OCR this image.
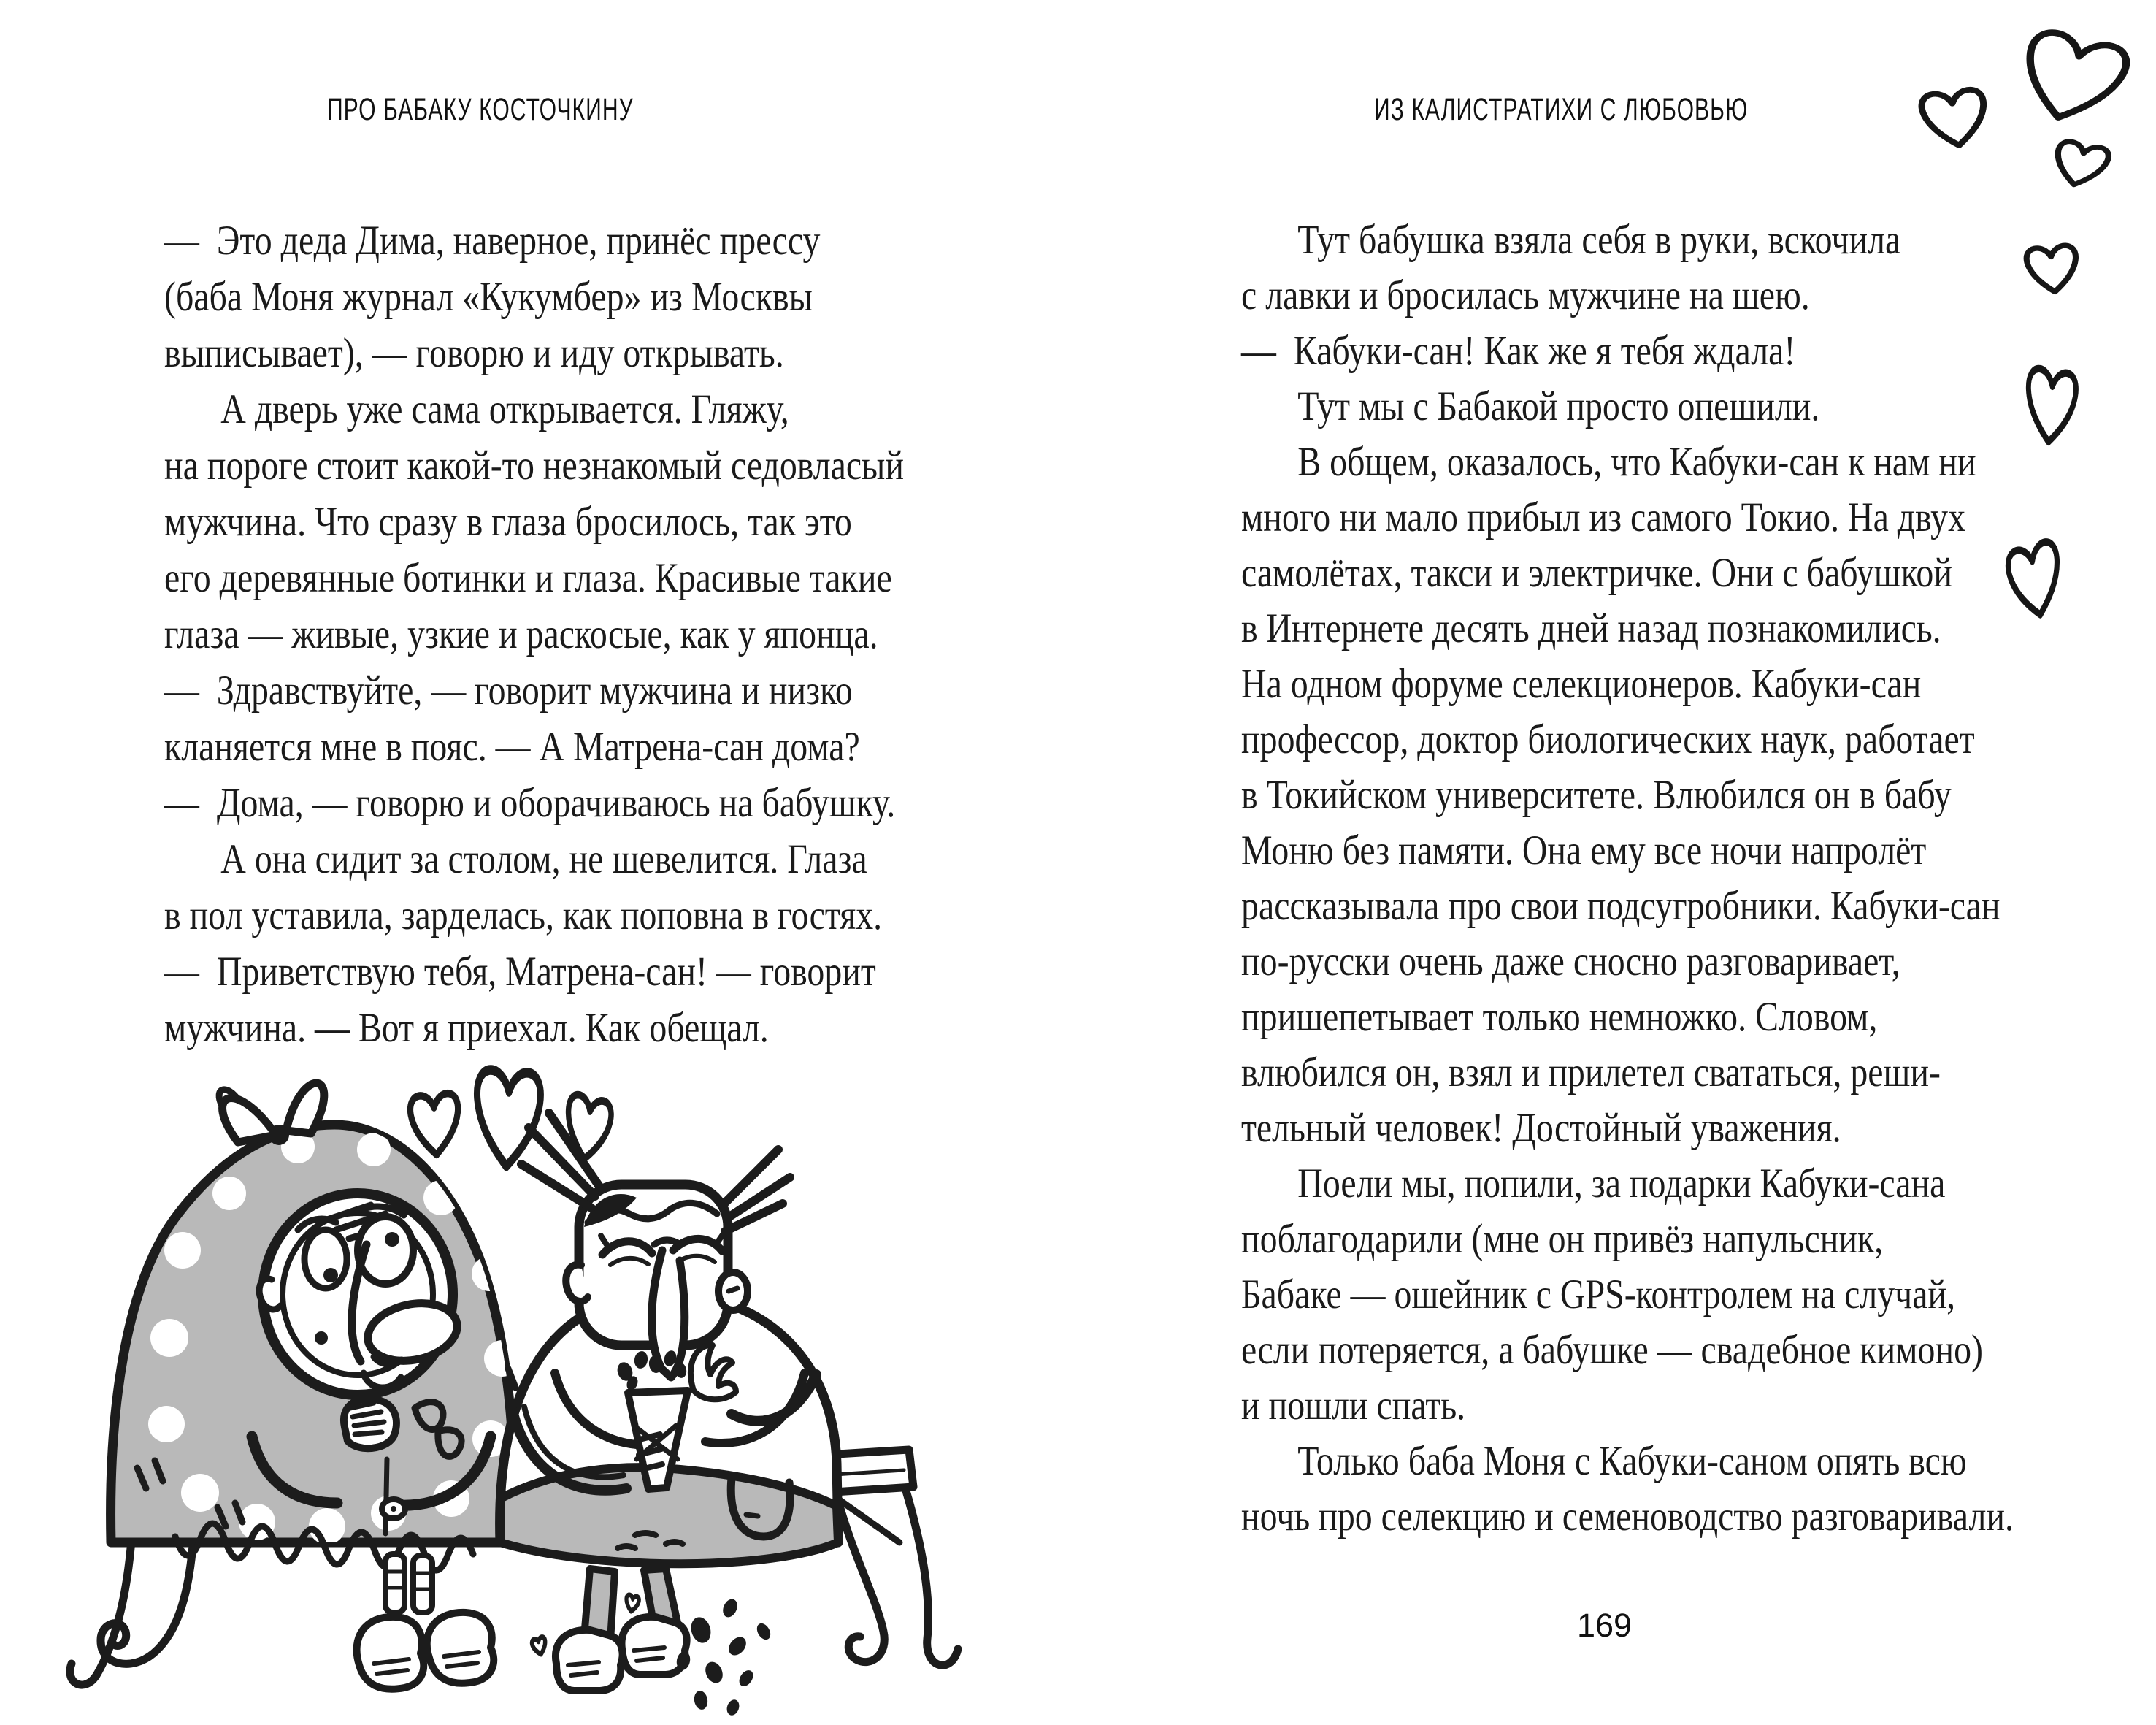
ПРО БАБАКУ КОСТОЧКИНУ	ИЗ КАЛИСТРАТИХИ С ЛЮБОВЬЮ
—  Это деда Дима, наверное, принёс прессу
(баба Моня журнал «Кукумбер» из Москвы
выписывает), — говорю и иду открывать.
А дверь уже сама открывается. Гляжу,
на пороге стоит какой-то незнакомый седовласый
мужчина. Что сразу в глаза бросилось, так это
его деревянные ботинки и глаза. Красивые такие
глаза — живые, узкие и раскосые, как у японца.
—  Здравствуйте, — говорит мужчина и низко
кланяется мне в пояс. — А Матрена-сан дома?
—  Дома, — говорю и оборачиваюсь на бабушку.
А она сидит за столом, не шевелится. Глаза
в пол уставила, зарделась, как поповна в гостях.
—  Приветствую тебя, Матрена-сан! — говорит
мужчина. — Вот я приехал. Как обещал.
Тут бабушка взяла себя в руки, вскочила
с лавки и бросилась мужчине на шею.
—  Кабуки-сан! Как же я тебя ждала!
Тут мы с Бабакой просто опешили.
В общем, оказалось, что Кабуки-сан к нам ни
много ни мало прибыл из самого Токио. На двух
самолётах, такси и электричке. Они с бабушкой
в Интернете десять дней назад познакомились.
На одном форуме селекционеров. Кабуки-сан
профессор, доктор биологических наук, работает
в Токийском университете. Влюбился он в бабу
Моню без памяти. Она ему все ночи напролёт
рассказывала про свои подсугробники. Кабуки-сан
по-русски очень даже сносно разговаривает,
пришепетывает только немножко. Словом,
влюбился он, взял и прилетел свататься, реши-
тельный человек! Достойный уважения.
Поели мы, попили, за подарки Кабуки-сана
поблагодарили (мне он привёз напульсник,
Бабаке — ошейник с GPS-контролем на случай,
если потеряется, а бабушке — свадебное кимоно)
и пошли спать.
Только баба Моня с Кабуки-саном опять всю
ночь про селекцию и семеноводство разговаривали.
169
